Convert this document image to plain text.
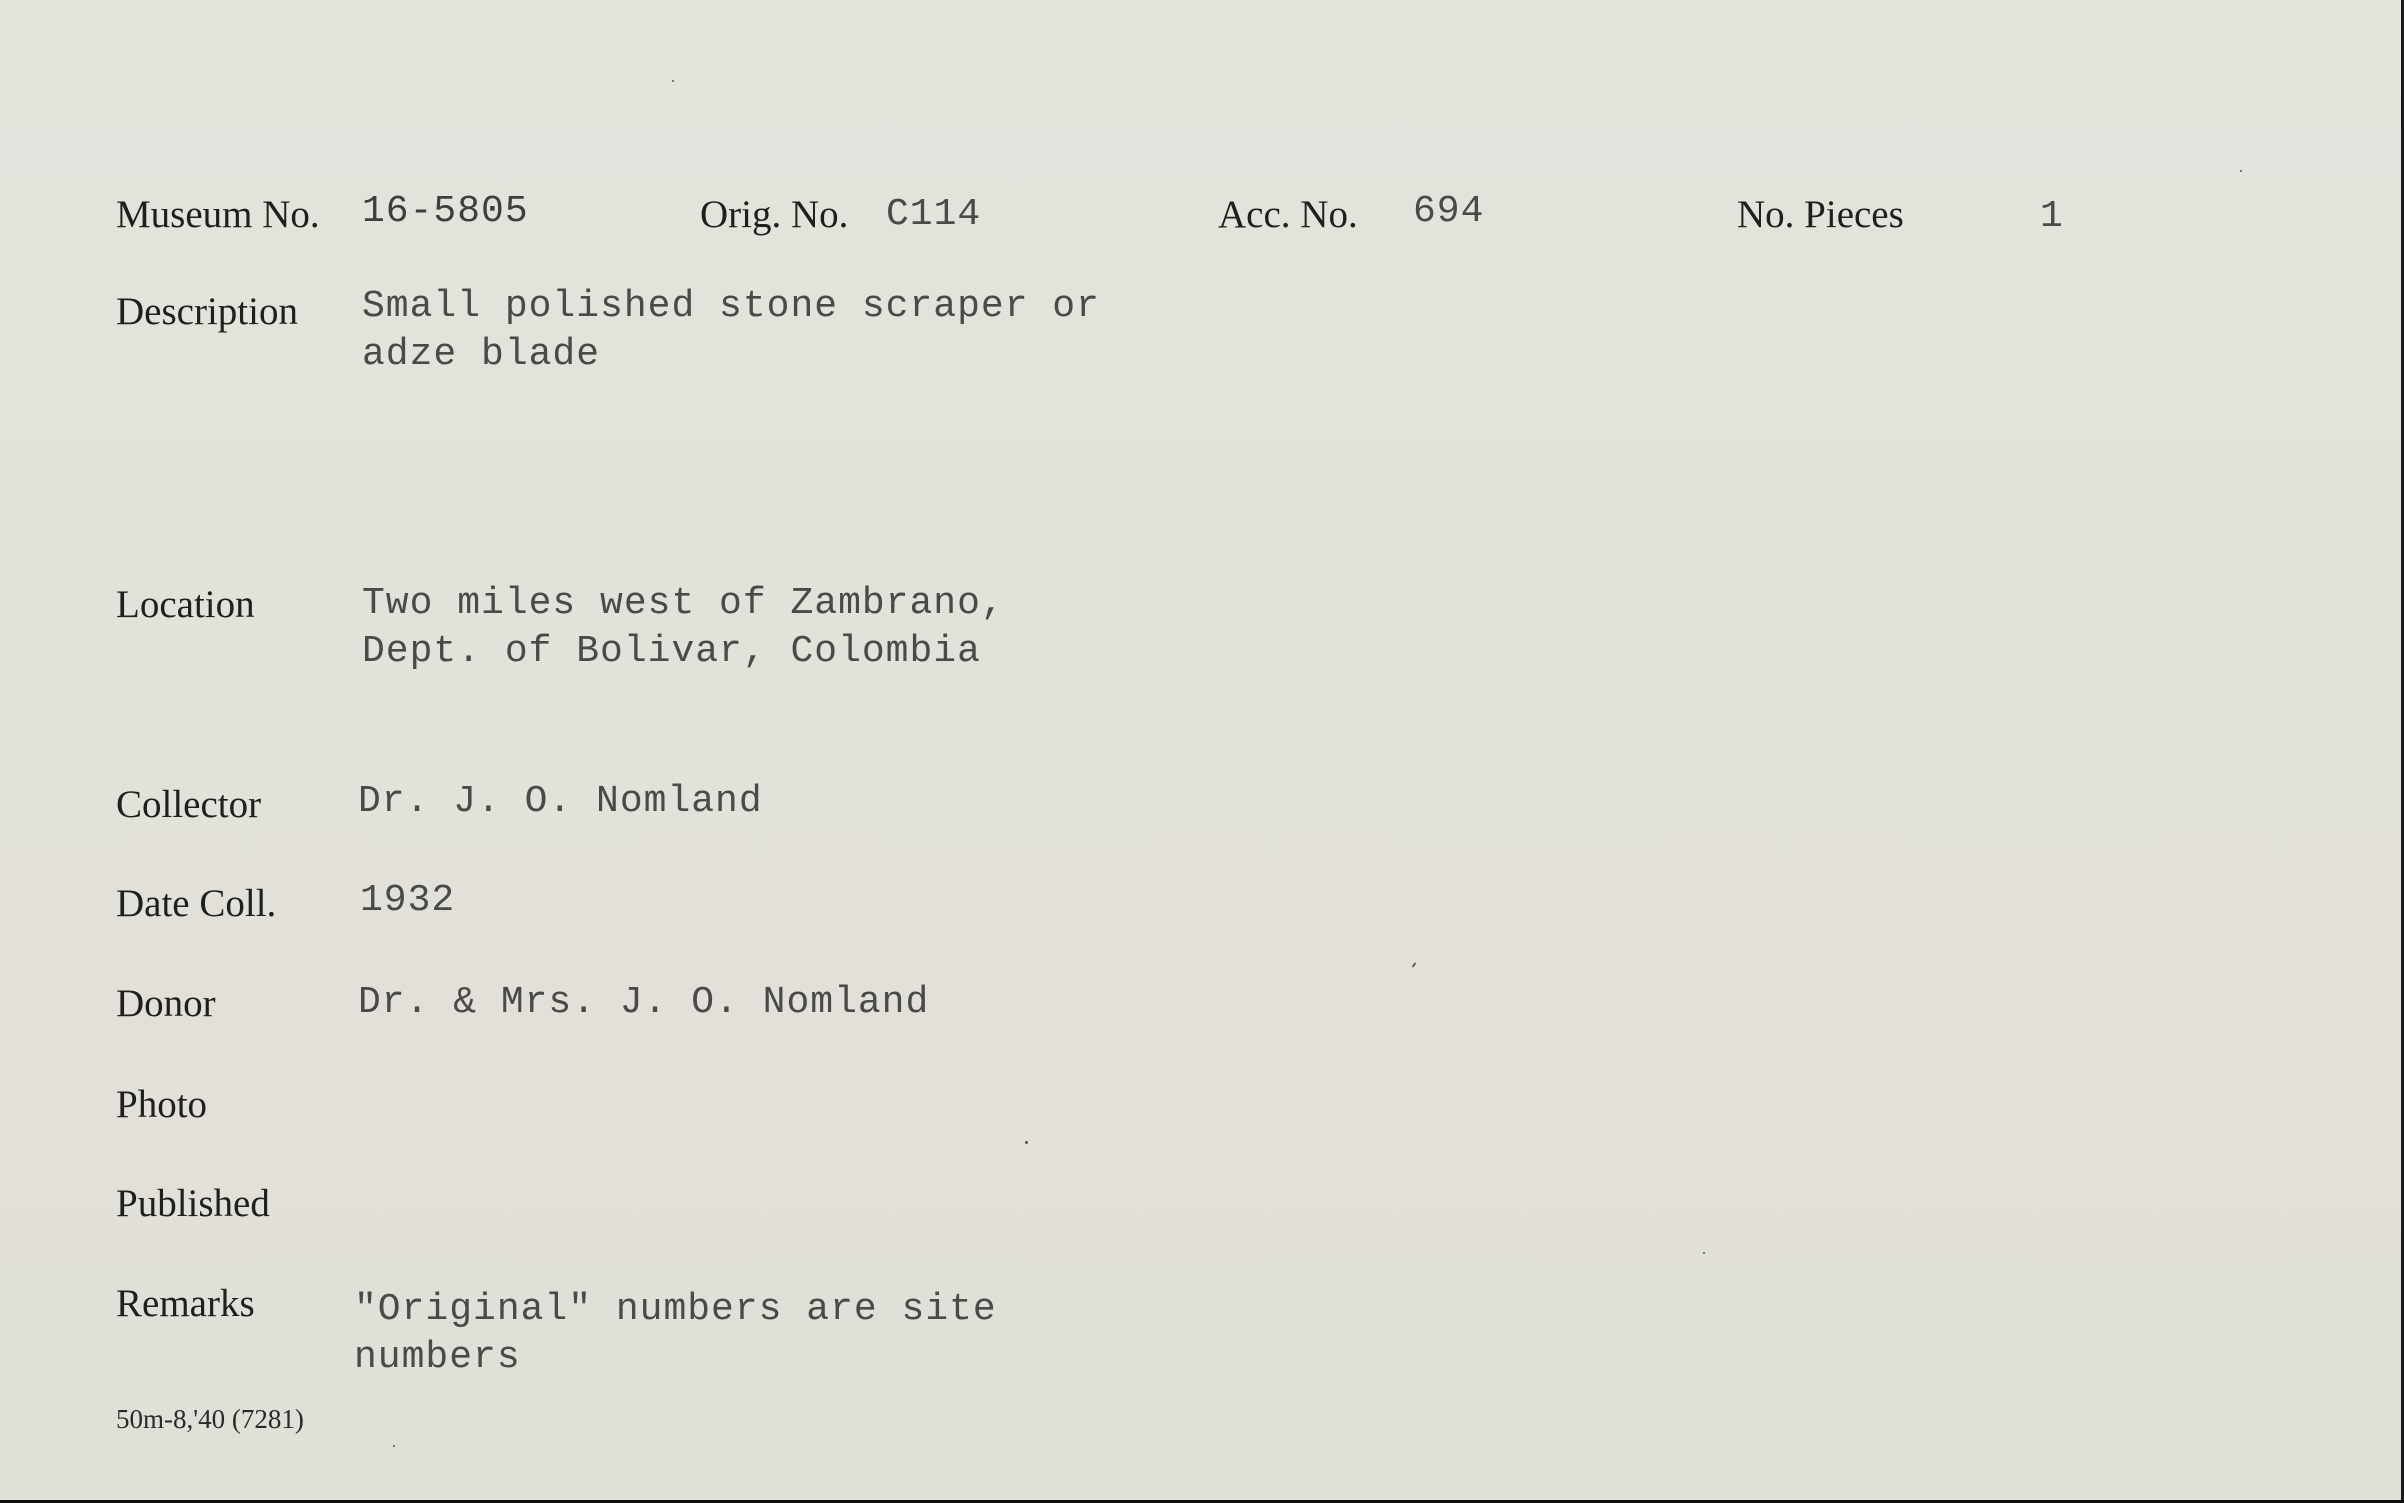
Museum No. 16-5805	Orig. No. C114	Acc. No. 694	No. Pieces	1
Description Small polished stone scraper or
adze blade
Location	Two miles west of Zambrano,
Dept. of Bolivar, Colombia
Collector	Dr. J. O. Nomland
Date Coll. 1932
Donor	Dr. & Mrs. J. O. Nomland
Photo
Published
Remarks	"Original" numbers are site
numbers
50m-8,'40 (7281)
